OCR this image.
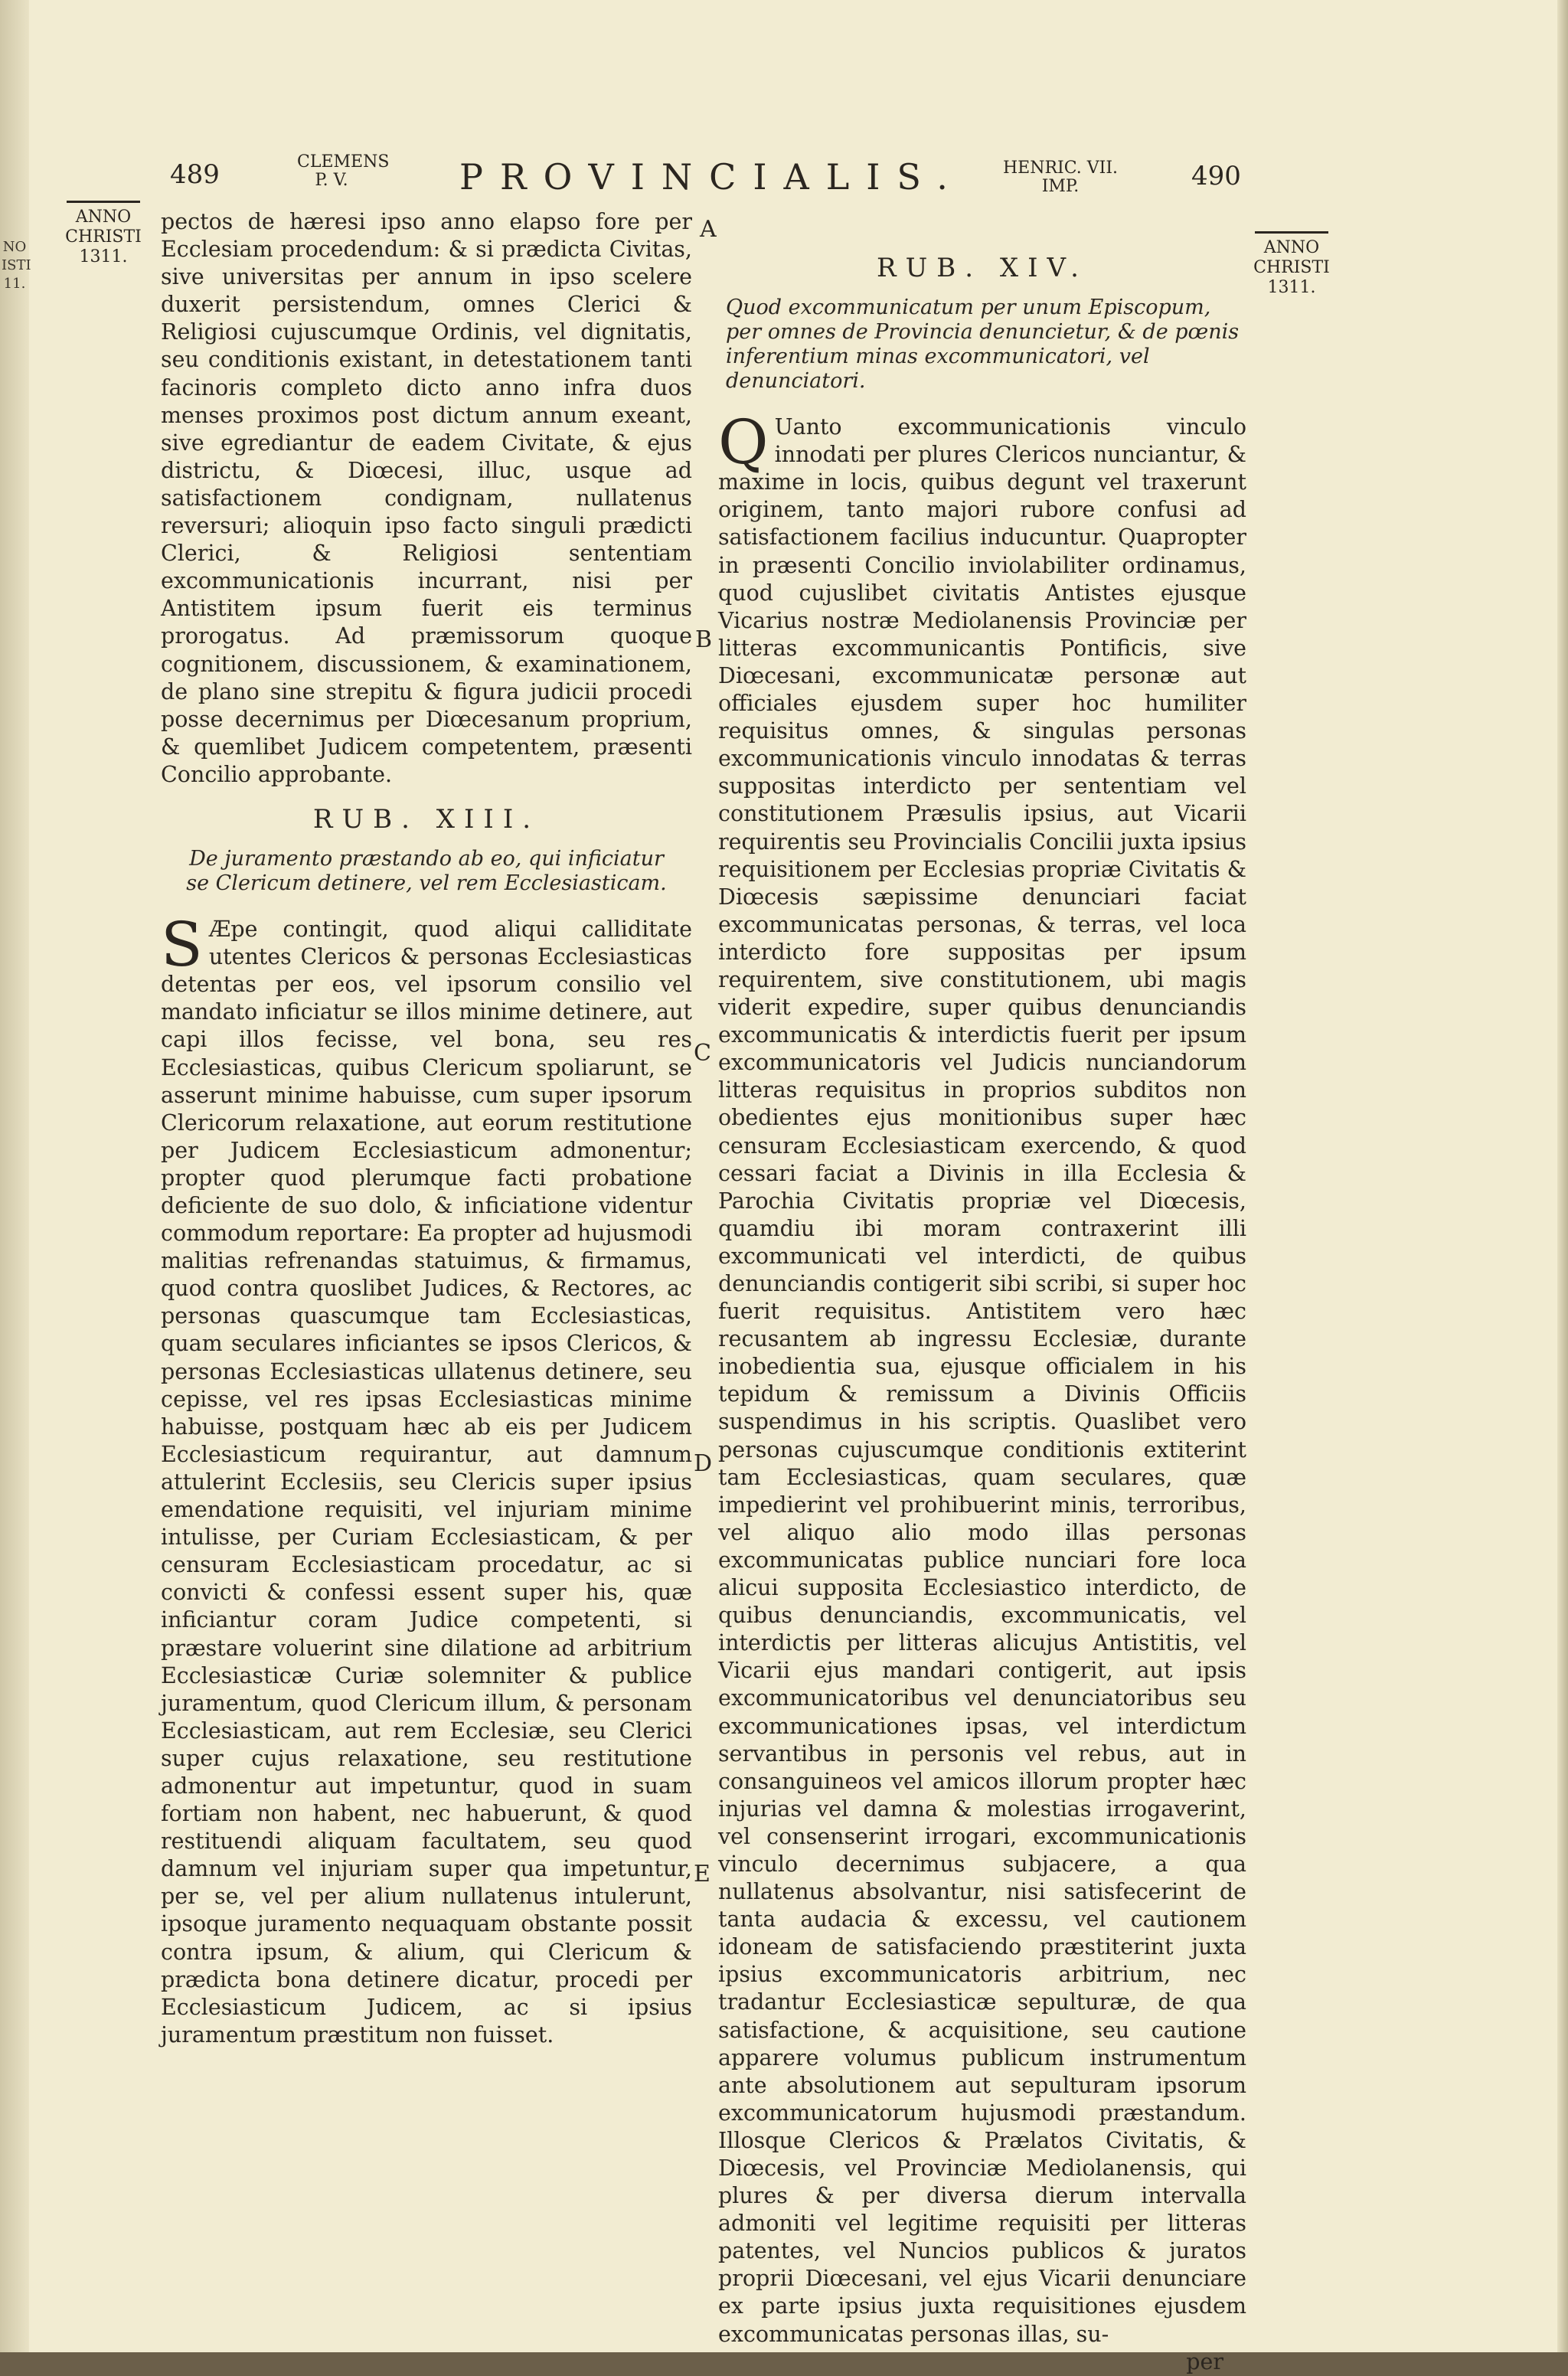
NO
ISTI
11.
489	CLEMENS
P. V.	PROVINCIALIS.	HENRIC. VII.
IMP.	490
ANNO
CHRISTI
1311.	ANNO
CHRISTI
1311.
A
B
C
D
E

pectos de hæresi ipso anno elapso fore per Ecclesiam procedendum: & si prædicta Civitas, sive universitas per annum in ipso scelere duxerit persistendum, omnes Clerici & Religiosi cujuscumque Ordinis, vel dignitatis, seu conditionis existant, in detestationem tanti facinoris completo dicto anno infra duos menses proximos post dictum annum exeant, sive egrediantur de eadem Civitate, & ejus districtu, & Diœcesi, illuc, usque ad satisfactionem condignam, nullatenus reversuri; alioquin ipso facto singuli prædicti Clerici, & Religiosi sententiam excommunicationis incurrant, nisi per Antistitem ipsum fuerit eis terminus prorogatus. Ad præmissorum quoque cognitionem, discussionem, & examinationem, de plano sine strepitu & figura judicii procedi posse decernimus per Diœcesanum proprium, & quemlibet Judicem competentem, præsenti Concilio approbante.

RUB. XIII.
De juramento præstando ab eo, qui inficiatur se Clericum detinere, vel rem Ecclesiasticam.

S Æpe contingit, quod aliqui calliditate utentes Clericos & personas Ecclesiasticas detentas per eos, vel ipsorum consilio vel mandato inficiatur se illos minime detinere, aut capi illos fecisse, vel bona, seu res Ecclesiasticas, quibus Clericum spoliarunt, se asserunt minime habuisse, cum super ipsorum Clericorum relaxatione, aut eorum restitutione per Judicem Ecclesiasticum admonentur; propter quod plerumque facti probatione deficiente de suo dolo, & inficiatione videntur commodum reportare: Ea propter ad hujusmodi malitias refrenandas statuimus, & firmamus, quod contra quoslibet Judices, & Rectores, ac personas quascumque tam Ecclesiasticas, quam seculares inficiantes se ipsos Clericos, & personas Ecclesiasticas ullatenus detinere, seu cepisse, vel res ipsas Ecclesiasticas minime habuisse, postquam hæc ab eis per Judicem Ecclesiasticum requirantur, aut damnum attulerint Ecclesiis, seu Clericis super ipsius emendatione requisiti, vel injuriam minime intulisse, per Curiam Ecclesiasticam, & per censuram Ecclesiasticam procedatur, ac si convicti & confessi essent super his, quæ inficiantur coram Judice competenti, si præstare voluerint sine dilatione ad arbitrium Ecclesiasticæ Curiæ solemniter & publice juramentum, quod Clericum illum, & personam Ecclesiasticam, aut rem Ecclesiæ, seu Clerici super cujus relaxatione, seu restitutione admonentur aut impetuntur, quod in suam fortiam non habent, nec habuerunt, & quod restituendi aliquam facultatem, seu quod damnum vel injuriam super qua impetuntur, per se, vel per alium nullatenus intulerunt, ipsoque juramento nequaquam obstante possit contra ipsum, & alium, qui Clericum & prædicta bona detinere dicatur, procedi per Ecclesiasticum Judicem, ac si ipsius juramentum præstitum non fuisset.

RUB. XIV.
Quod excommunicatum per unum Episcopum, per omnes de Provincia denuncietur, & de pœnis inferentium minas excommunicatori, vel denunciatori.

Q Uanto excommunicationis vinculo innodati per plures Clericos nunciantur, & maxime in locis, quibus degunt vel traxerunt originem, tanto majori rubore confusi ad satisfactionem facilius inducuntur. Quapropter in præsenti Concilio inviolabiliter ordinamus, quod cujuslibet civitatis Antistes ejusque Vicarius nostræ Mediolanensis Provinciæ per litteras excommunicantis Pontificis, sive Diœcesani, excommunicatæ personæ aut officiales ejusdem super hoc humiliter requisitus omnes, & singulas personas excommunicationis vinculo innodatas & terras suppositas interdicto per sententiam vel constitutionem Præsulis ipsius, aut Vicarii requirentis seu Provincialis Concilii juxta ipsius requisitionem per Ecclesias propriæ Civitatis & Diœcesis sæpissime denunciari faciat excommunicatas personas, & terras, vel loca interdicto fore suppositas per ipsum requirentem, sive constitutionem, ubi magis viderit expedire, super quibus denunciandis excommunicatis & interdictis fuerit per ipsum excommunicatoris vel Judicis nunciandorum litteras requisitus in proprios subditos non obedientes ejus monitionibus super hæc censuram Ecclesiasticam exercendo, & quod cessari faciat a Divinis in illa Ecclesia & Parochia Civitatis propriæ vel Diœcesis, quamdiu ibi moram contraxerint illi excommunicati vel interdicti, de quibus denunciandis contigerit sibi scribi, si super hoc fuerit requisitus. Antistitem vero hæc recusantem ab ingressu Ecclesiæ, durante inobedientia sua, ejusque officialem in his tepidum & remissum a Divinis Officiis suspendimus in his scriptis. Quaslibet vero personas cujuscumque conditionis extiterint tam Ecclesiasticas, quam seculares, quæ impedierint vel prohibuerint minis, terroribus, vel aliquo alio modo illas personas excommunicatas publice nunciari fore loca alicui supposita Ecclesiastico interdicto, de quibus denunciandis, excommunicatis, vel interdictis per litteras alicujus Antistitis, vel Vicarii ejus mandari contigerit, aut ipsis excommunicatoribus vel denunciatoribus seu excommunicationes ipsas, vel interdictum servantibus in personis vel rebus, aut in consanguineos vel amicos illorum propter hæc injurias vel damna & molestias irrogaverint, vel consenserint irrogari, excommunicationis vinculo decernimus subjacere, a qua nullatenus absolvantur, nisi satisfecerint de tanta audacia & excessu, vel cautionem idoneam de satisfaciendo præstiterint juxta ipsius excommunicatoris arbitrium, nec tradantur Ecclesiasticæ sepulturæ, de qua satisfactione, & acquisitione, seu cautione apparere volumus publicum instrumentum ante absolutionem aut sepulturam ipsorum excommunicatorum hujusmodi præstandum. Illosque Clericos & Prælatos Civitatis, & Diœcesis, vel Provinciæ Mediolanensis, qui plures & per diversa dierum intervalla admoniti vel legitime requisiti per litteras patentes, vel Nuncios publicos & juratos proprii Diœcesani, vel ejus Vicarii denunciare ex parte ipsius juxta requisitiones ejusdem excommunicatas personas illas, su-

per
